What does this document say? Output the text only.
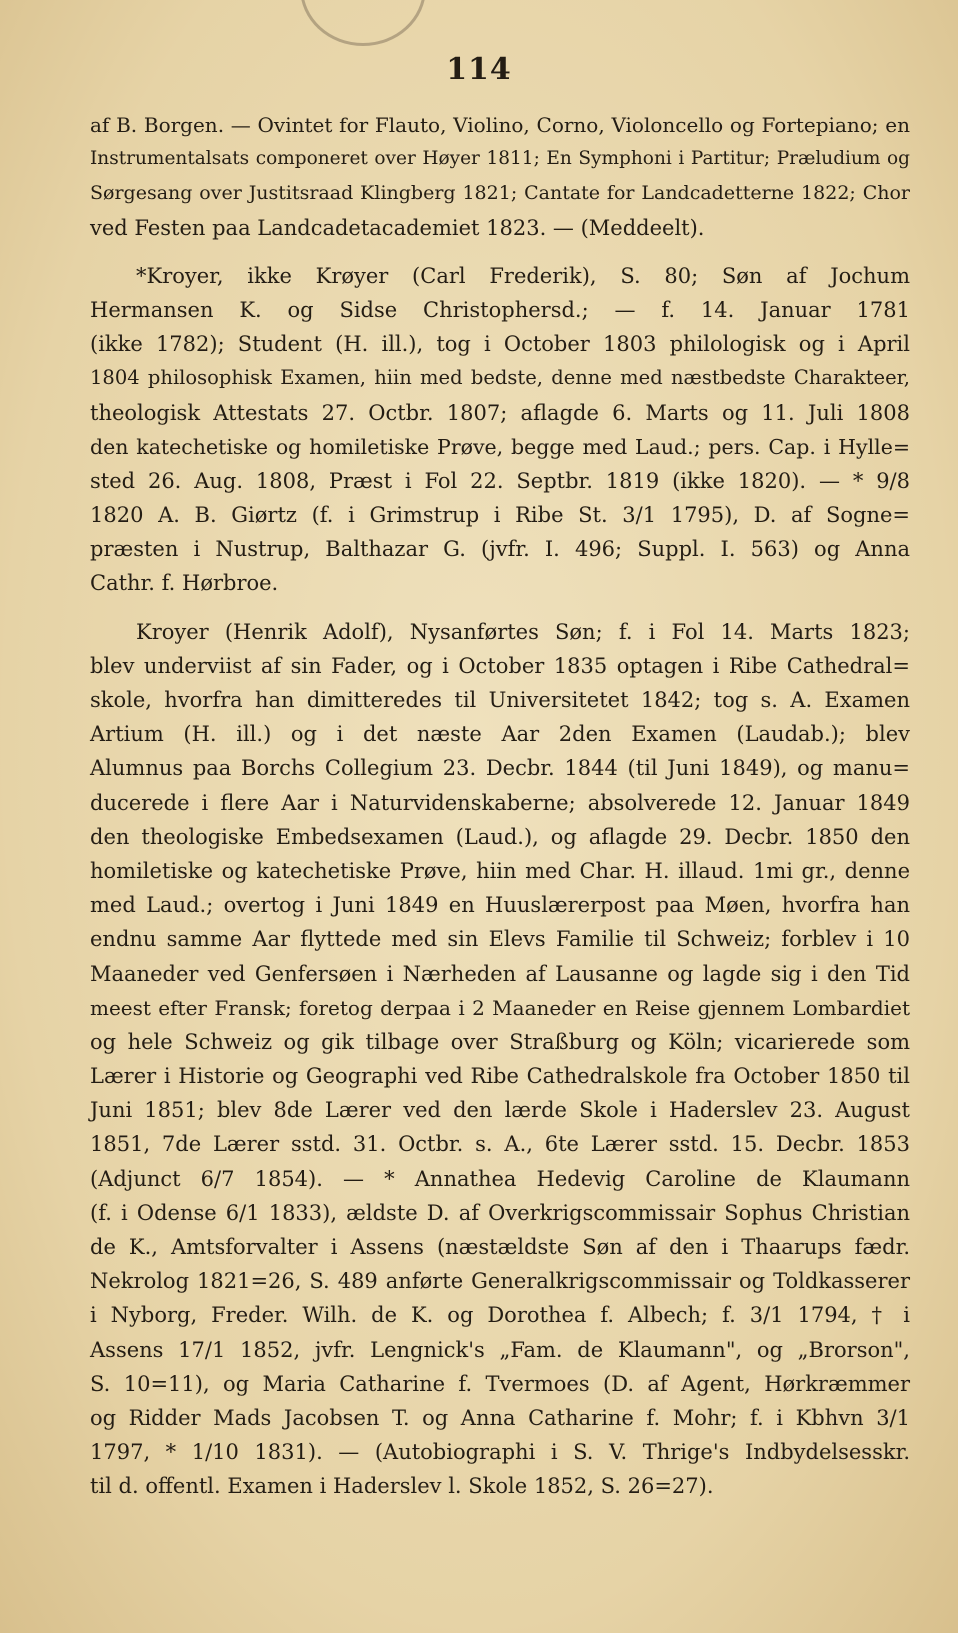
114
af B. Borgen. — Ovintet for Flauto, Violino, Corno, Violoncello og Fortepiano; en
Instrumentalsats componeret over Høyer 1811; En Symphoni i Partitur; Præludium og
Sørgesang over Justitsraad Klingberg 1821; Cantate for Landcadetterne 1822; Chor
ved Festen paa Landcadetacademiet 1823. — (Meddeelt).
*Kroyer, ikke Krøyer (Carl Frederik), S. 80; Søn af Jochum
Hermansen K. og Sidse Christophersd.; — f. 14. Januar 1781
(ikke 1782); Student (H. ill.), tog i October 1803 philologisk og i April
1804 philosophisk Examen, hiin med bedste, denne med næstbedste Charakteer,
theologisk Attestats 27. Octbr. 1807; aflagde 6. Marts og 11. Juli 1808
den katechetiske og homiletiske Prøve, begge med Laud.; pers. Cap. i Hylle=
sted 26. Aug. 1808, Præst i Fol 22. Septbr. 1819 (ikke 1820). — * 9/8
1820 A. B. Giørtz (f. i Grimstrup i Ribe St. 3/1 1795), D. af Sogne=
præsten i Nustrup, Balthazar G. (jvfr. I. 496; Suppl. I. 563) og Anna
Cathr. f. Hørbroe.
Kroyer (Henrik Adolf), Nysanførtes Søn; f. i Fol 14. Marts 1823;
blev underviist af sin Fader, og i October 1835 optagen i Ribe Cathedral=
skole, hvorfra han dimitteredes til Universitetet 1842; tog s. A. Examen
Artium (H. ill.) og i det næste Aar 2den Examen (Laudab.); blev
Alumnus paa Borchs Collegium 23. Decbr. 1844 (til Juni 1849), og manu=
ducerede i flere Aar i Naturvidenskaberne; absolverede 12. Januar 1849
den theologiske Embedsexamen (Laud.), og aflagde 29. Decbr. 1850 den
homiletiske og katechetiske Prøve, hiin med Char. H. illaud. 1mi gr., denne
med Laud.; overtog i Juni 1849 en Huuslærerpost paa Møen, hvorfra han
endnu samme Aar flyttede med sin Elevs Familie til Schweiz; forblev i 10
Maaneder ved Genfersøen i Nærheden af Lausanne og lagde sig i den Tid
meest efter Fransk; foretog derpaa i 2 Maaneder en Reise gjennem Lombardiet
og hele Schweiz og gik tilbage over Straßburg og Köln; vicarierede som
Lærer i Historie og Geographi ved Ribe Cathedralskole fra October 1850 til
Juni 1851; blev 8de Lærer ved den lærde Skole i Haderslev 23. August
1851, 7de Lærer sstd. 31. Octbr. s. A., 6te Lærer sstd. 15. Decbr. 1853
(Adjunct 6/7 1854). — * Annathea Hedevig Caroline de Klaumann
(f. i Odense 6/1 1833), ældste D. af Overkrigscommissair Sophus Christian
de K., Amtsforvalter i Assens (næstældste Søn af den i Thaarups fædr.
Nekrolog 1821=26, S. 489 anførte Generalkrigscommissair og Toldkasserer
i Nyborg, Freder. Wilh. de K. og Dorothea f. Albech; f. 3/1 1794, † i
Assens 17/1 1852, jvfr. Lengnick's „Fam. de Klaumann", og „Brorson",
S. 10=11), og Maria Catharine f. Tvermoes (D. af Agent, Hørkræmmer
og Ridder Mads Jacobsen T. og Anna Catharine f. Mohr; f. i Kbhvn 3/1
1797, * 1/10 1831). — (Autobiographi i S. V. Thrige's Indbydelsesskr.
til d. offentl. Examen i Haderslev l. Skole 1852, S. 26=27).
